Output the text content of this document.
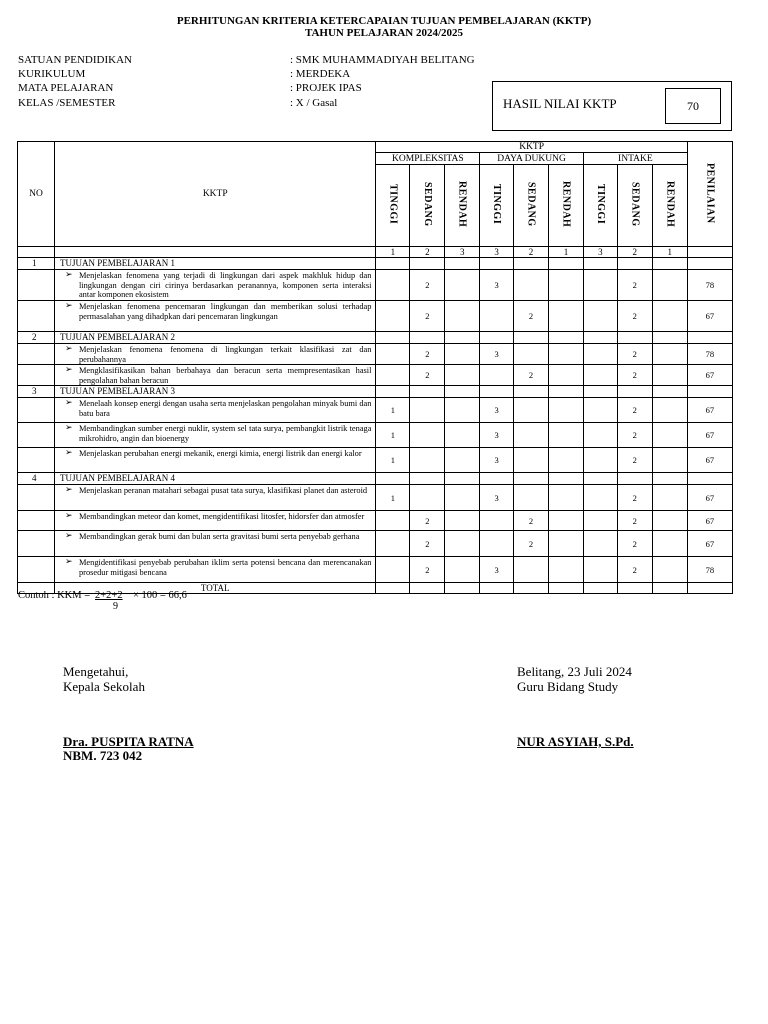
PERHITUNGAN KRITERIA KETERCAPAIAN TUJUAN PEMBELAJARAN (KKTP)
TAHUN PELAJARAN 2024/2025
SATUAN PENDIDIKAN	: SMK MUHAMMADIYAH BELITANG
KURIKULUM	: MERDEKA
MATA PELAJARAN	: PROJEK IPAS
KELAS /SEMESTER	: X / Gasal	HASIL NILAI KKTP	70
NO	KKTP	KKTP									PENILAIAN
		KOMPLEKSITAS			DAYA DUKUNG			INTAKE			
		TINGGI	SEDANG	RENDAH	TINGGI	SEDANG	RENDAH	TINGGI	SEDANG	RENDAH	
		1	2	3	3	2	1	3	2	1	
1	TUJUAN PEMBELAJARAN 1										

	➢ Menjelaskan fenomena yang terjadi di lingkungan dari aspek makhluk hidup dan lingkungan dengan ciri cirinya berdasarkan peranannya, komponen serta interaksi antar komponen ekosistem		2		3				2		78

	➢ Menjelaskan fenomena pencemaran lingkungan dan memberikan solusi terhadap permasalahan yang dihadpkan dari pencemaran lingkungan		2			2			2		67
2	TUJUAN PEMBELAJARAN 2										

	➢ Menjelaskan fenomena fenomena di lingkungan terkait klasifikasi zat dan perubahannya		2		3				2		78

	➢ Mengklasifikasikan bahan berbahaya dan beracun serta mempresentasikan hasil pengolahan bahan beracun		2			2			2		67
3	TUJUAN PEMBELAJARAN 3										

	➢ Menelaah konsep energi dengan usaha serta menjelaskan pengolahan minyak bumi dan batu bara	1			3				2		67

	➢ Membandingkan sumber energi nuklir, system sel tata surya, pembangkit listrik tenaga mikrohidro, angin dan bioenergy	1			3				2		67

	➢ Menjelaskan perubahan energi mekanik, energi kimia, energi listrik dan energi kalor	1			3				2		67
4	TUJUAN PEMBELAJARAN 4										

	➢ Menjelaskan peranan matahari sebagai pusat tata surya, klasifikasi planet dan asteroid	1			3				2		67

	➢ Membandingkan meteor dan komet, mengidentifikasi litosfer, hidorsfer dan atmosfer		2			2			2		67

	➢ Membandingkan gerak bumi dan bulan serta gravitasi bumi serta penyebab gerhana		2			2			2		67

	➢ Mengidentifikasi penyebab perubahan iklim serta potensi bencana dan merencanakan prosedur mitigasi bencana		2		3				2		78
	TOTAL										
Contoh : KKM = 2+2+2
9
× 100 = 66,6
Mengetahui,
Kepala Sekolah
Dra. PUSPITA RATNA
NBM. 723 042
Belitang, 23 Juli 2024
Guru Bidang Study
NUR ASYIAH, S.Pd.
